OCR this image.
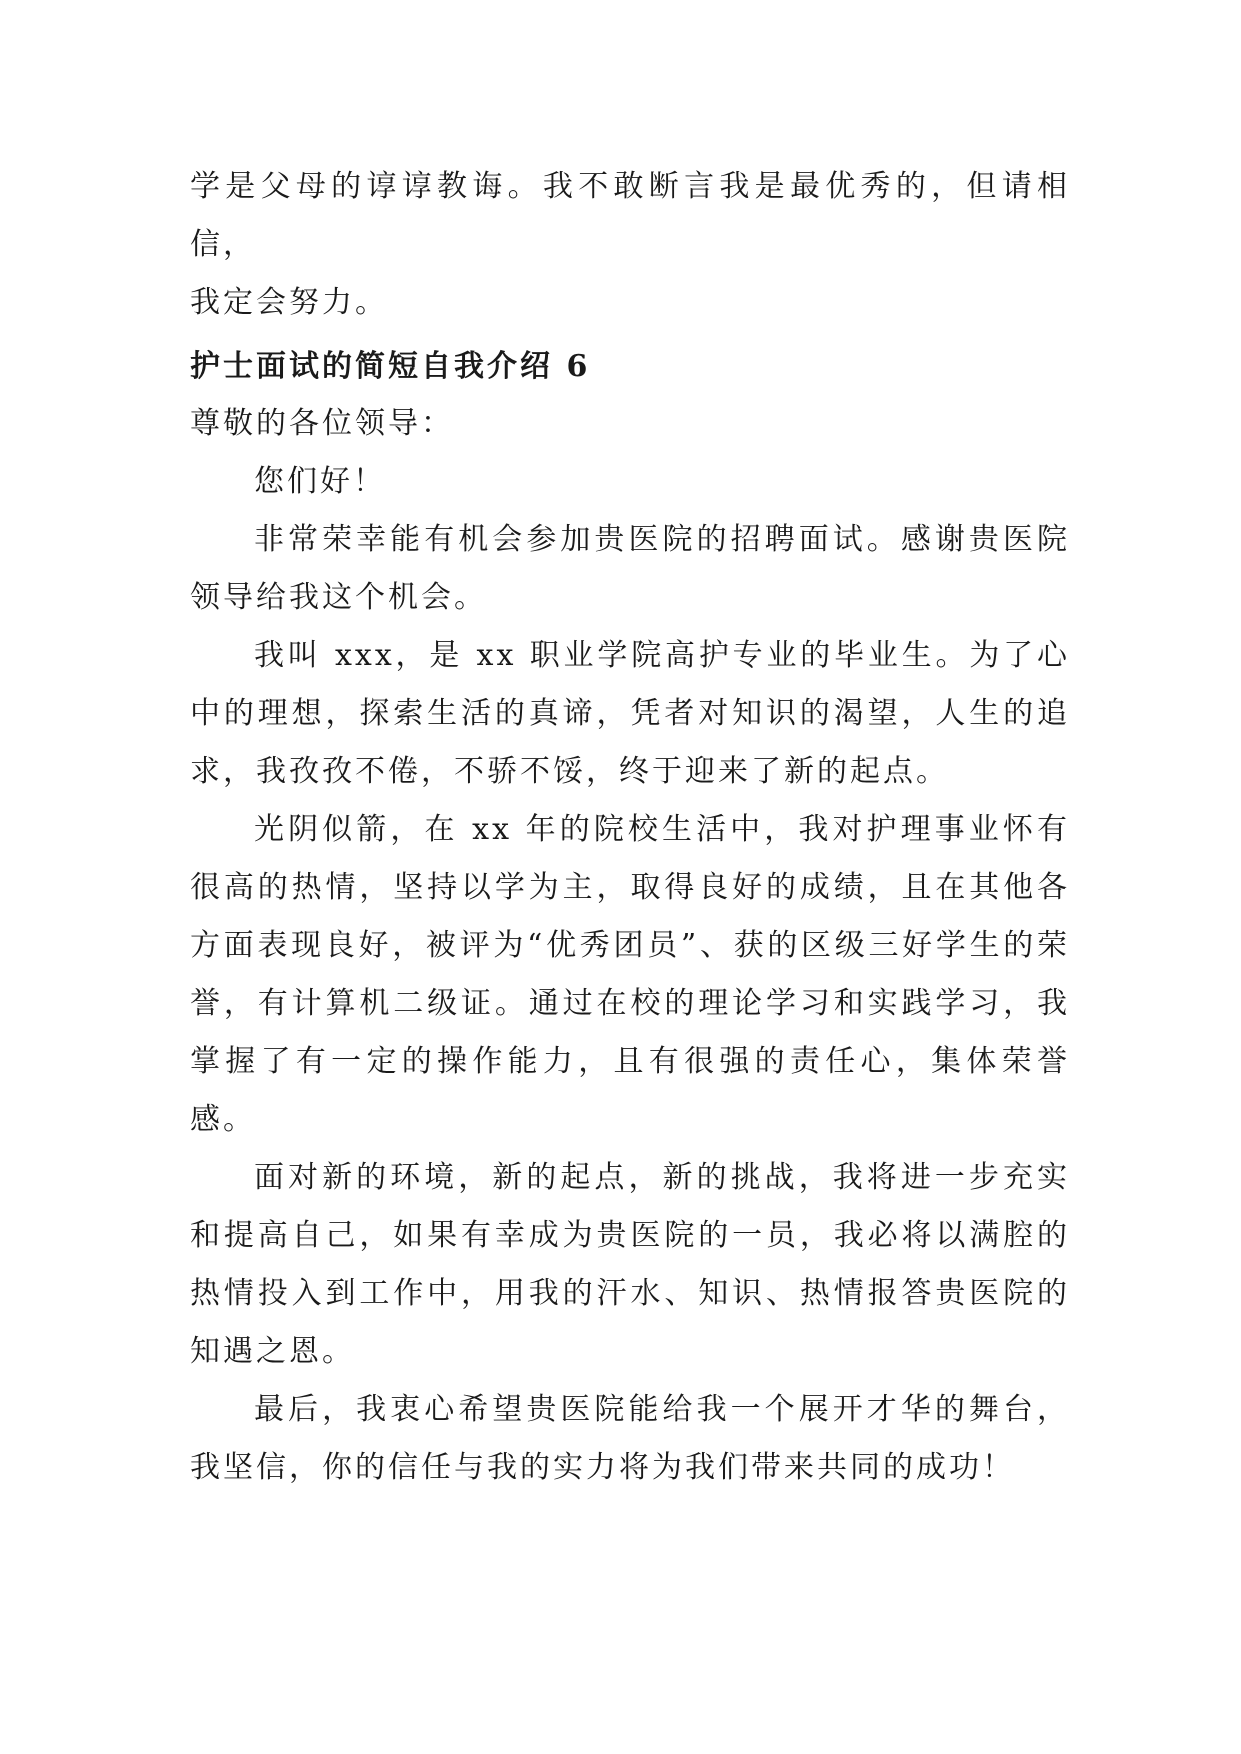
学是父母的谆谆教诲。我不敢断言我是最优秀的，但请相信，
我定会努力。
护士面试的简短自我介绍 6

尊敬的各位领导：

您们好！

非常荣幸能有机会参加贵医院的招聘面试。感谢贵医院领导给我这个机会。

我叫 xxx，是 xx 职业学院高护专业的毕业生。为了心中的理想，探索生活的真谛，凭者对知识的渴望，人生的追求，我孜孜不倦，不骄不馁，终于迎来了新的起点。

光阴似箭，在 xx 年的院校生活中，我对护理事业怀有很高的热情，坚持以学为主，取得良好的成绩，且在其他各方面表现良好，被评为“优秀团员”、获的区级三好学生的荣誉，有计算机二级证。通过在校的理论学习和实践学习，我掌握了有一定的操作能力，且有很强的责任心，集体荣誉感。

面对新的环境，新的起点，新的挑战，我将进一步充实和提高自己，如果有幸成为贵医院的一员，我必将以满腔的热情投入到工作中，用我的汗水、知识、热情报答贵医院的知遇之恩。

最后，我衷心希望贵医院能给我一个展开才华的舞台，我坚信，你的信任与我的实力将为我们带来共同的成功！
